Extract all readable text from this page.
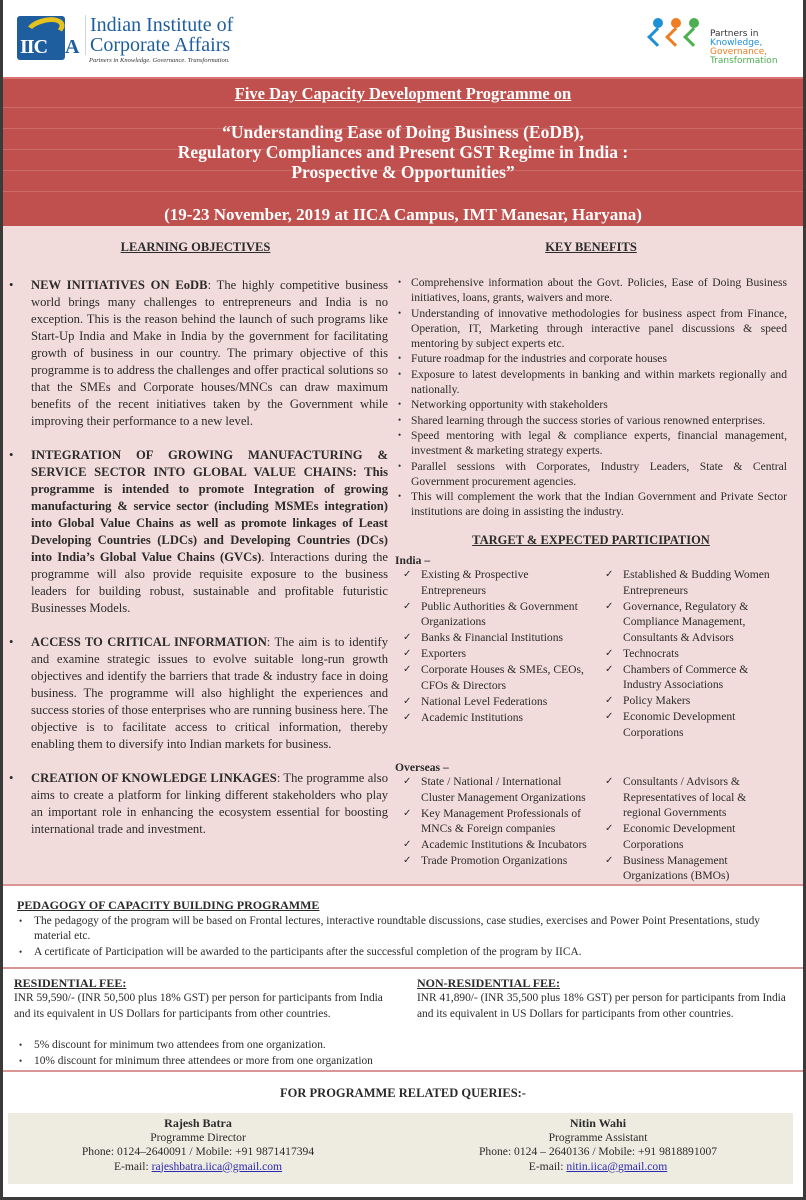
IIC A
Indian Institute of
Corporate Affairs
Partners in Knowledge. Governance. Transformation.
Partners in
Knowledge,
Governance,
Transformation
Five Day Capacity Development Programme on
“Understanding Ease of Doing Business (EoDB),
Regulatory Compliances and Present GST Regime in India :
Prospective & Opportunities”
(19-23 November, 2019 at IICA Campus, IMT Manesar, Haryana)
LEARNING OBJECTIVES
• NEW INITIATIVES ON EoDB: The highly competitive business world brings many challenges to entrepreneurs and India is no exception. This is the reason behind the launch of such programs like Start-Up India and Make in India by the government for facilitating growth of business in our country. The primary objective of this programme is to address the challenges and offer practical solutions so that the SMEs and Corporate houses/MNCs can draw maximum benefits of the recent initiatives taken by the Government while improving their performance to a new level.
• INTEGRATION OF GROWING MANUFACTURING & SERVICE SECTOR INTO GLOBAL VALUE CHAINS: This programme is intended to promote Integration of growing manufacturing & service sector (including MSMEs integration) into Global Value Chains as well as promote linkages of Least Developing Countries (LDCs) and Developing Countries (DCs) into India’s Global Value Chains (GVCs). Interactions during the programme will also provide requisite exposure to the business leaders for building robust, sustainable and profitable futuristic Businesses Models.
• ACCESS TO CRITICAL INFORMATION: The aim is to identify and examine strategic issues to evolve suitable long-run growth objectives and identify the barriers that trade & industry face in doing business. The programme will also highlight the experiences and success stories of those enterprises who are running business here. The objective is to facilitate access to critical information, thereby enabling them to diversify into Indian markets for business.
• CREATION OF KNOWLEDGE LINKAGES: The programme also aims to create a platform for linking different stakeholders who play an important role in enhancing the ecosystem essential for boosting international trade and investment.
KEY BENEFITS
• Comprehensive information about the Govt. Policies, Ease of Doing Business initiatives, loans, grants, waivers and more.
• Understanding of innovative methodologies for business aspect from Finance, Operation, IT, Marketing through interactive panel discussions & speed mentoring by subject experts etc.
• Future roadmap for the industries and corporate houses
• Exposure to latest developments in banking and within markets regionally and nationally.
• Networking opportunity with stakeholders
• Shared learning through the success stories of various renowned enterprises.
• Speed mentoring with legal & compliance experts, financial management, investment & marketing strategy experts.
• Parallel sessions with Corporates, Industry Leaders, State & Central Government procurement agencies.
• This will complement the work that the Indian Government and Private Sector institutions are doing in assisting the industry.
TARGET & EXPECTED PARTICIPATION
India –
✓ Existing & Prospective Entrepreneurs
✓ Public Authorities & Government Organizations
✓ Banks & Financial Institutions
✓ Exporters
✓ Corporate Houses & SMEs, CEOs, CFOs & Directors
✓ National Level Federations
✓ Academic Institutions
✓ Established & Budding Women Entrepreneurs
✓ Governance, Regulatory & Compliance Management, Consultants & Advisors
✓ Technocrats
✓ Chambers of Commerce & Industry Associations
✓ Policy Makers
✓ Economic Development Corporations
Overseas –
✓ State / National / International Cluster Management Organizations
✓ Key Management Professionals of MNCs & Foreign companies
✓ Academic Institutions & Incubators
✓ Trade Promotion Organizations
✓ Consultants / Advisors & Representatives of local & regional Governments
✓ Economic Development Corporations
✓ Business Management Organizations (BMOs)
PEDAGOGY OF CAPACITY BUILDING PROGRAMME
• The pedagogy of the program will be based on Frontal lectures, interactive roundtable discussions, case studies, exercises and Power Point Presentations, study material etc.
• A certificate of Participation will be awarded to the participants after the successful completion of the program by IICA.
RESIDENTIAL FEE:
INR 59,590/- (INR 50,500 plus 18% GST) per person for participants from India and its equivalent in US Dollars for participants from other countries.
NON-RESIDENTIAL FEE:
INR 41,890/- (INR 35,500 plus 18% GST) per person for participants from India and its equivalent in US Dollars for participants from other countries.
• 5% discount for minimum two attendees from one organization.
• 10% discount for minimum three attendees or more from one organization
FOR PROGRAMME RELATED QUERIES:-
Rajesh Batra
Programme Director
Phone: 0124–2640091 / Mobile: +91 9871417394
E-mail: rajeshbatra.iica@gmail.com
Nitin Wahi
Programme Assistant
Phone: 0124 – 2640136 / Mobile: +91 9818891007
E-mail: nitin.iica@gmail.com
